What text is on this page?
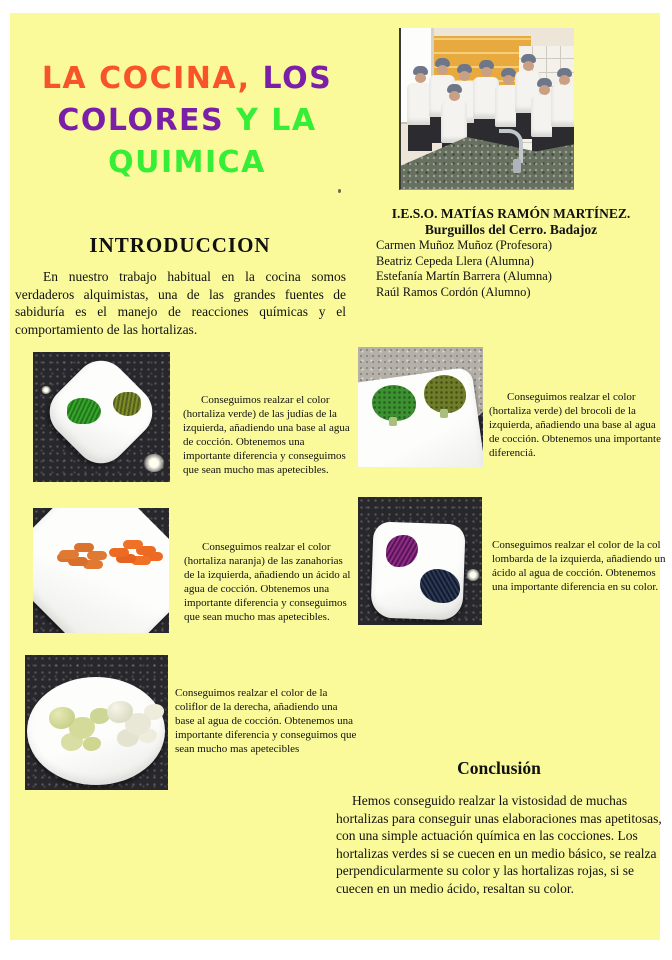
LA COCINA, LOS
COLORES Y LA
QUIMICA
I.E.S.O. MATÍAS RAMÓN MARTÍNEZ.
Burguillos del Cerro. Badajoz
Carmen Muñoz Muñoz (Profesora)
Beatriz Cepeda Llera (Alumna)
Estefanía Martín Barrera (Alumna)
Raúl Ramos Cordón (Alumno)
INTRODUCCION
En nuestro trabajo habitual en la cocina somos verdaderos alquimistas, una de las grandes fuentes de sabiduría es el manejo de reacciones químicas y el comportamiento de las hortalizas.
Conseguimos realzar el color (hortaliza verde) de las judías de la izquierda, añadiendo una base al agua de cocción. Obtenemos una importante diferencia y conseguimos que sean mucho mas apetecibles.
Conseguimos realzar el color (hortaliza verde) del brocoli de la izquierda, añadiendo una base al agua de cocción. Obtenemos una importante diferenciá.
Conseguimos realzar el color (hortaliza naranja) de las zanahorias de la izquierda, añadiendo un ácido al agua de cocción. Obtenemos una importante diferencia y conseguimos que sean mucho mas apetecibles.
Conseguimos realzar el color de la col lombarda de la izquierda, añadiendo un ácido al agua de cocción. Obtenemos una importante diferencia en su color.
Conseguimos realzar el color de la coliflor de la derecha, añadiendo una base al agua de cocción. Obtenemos una importante diferencia y conseguimos que sean mucho mas apetecibles
Conclusión
Hemos conseguido realzar la vistosidad de muchas hortalizas para conseguir unas elaboraciones mas apetitosas, con una simple actuación química en las cocciones. Los hortalizas verdes si se cuecen en un medio básico, se realza perpendicularmente su color y las hortalizas rojas, si se cuecen en un medio ácido, resaltan su color.
